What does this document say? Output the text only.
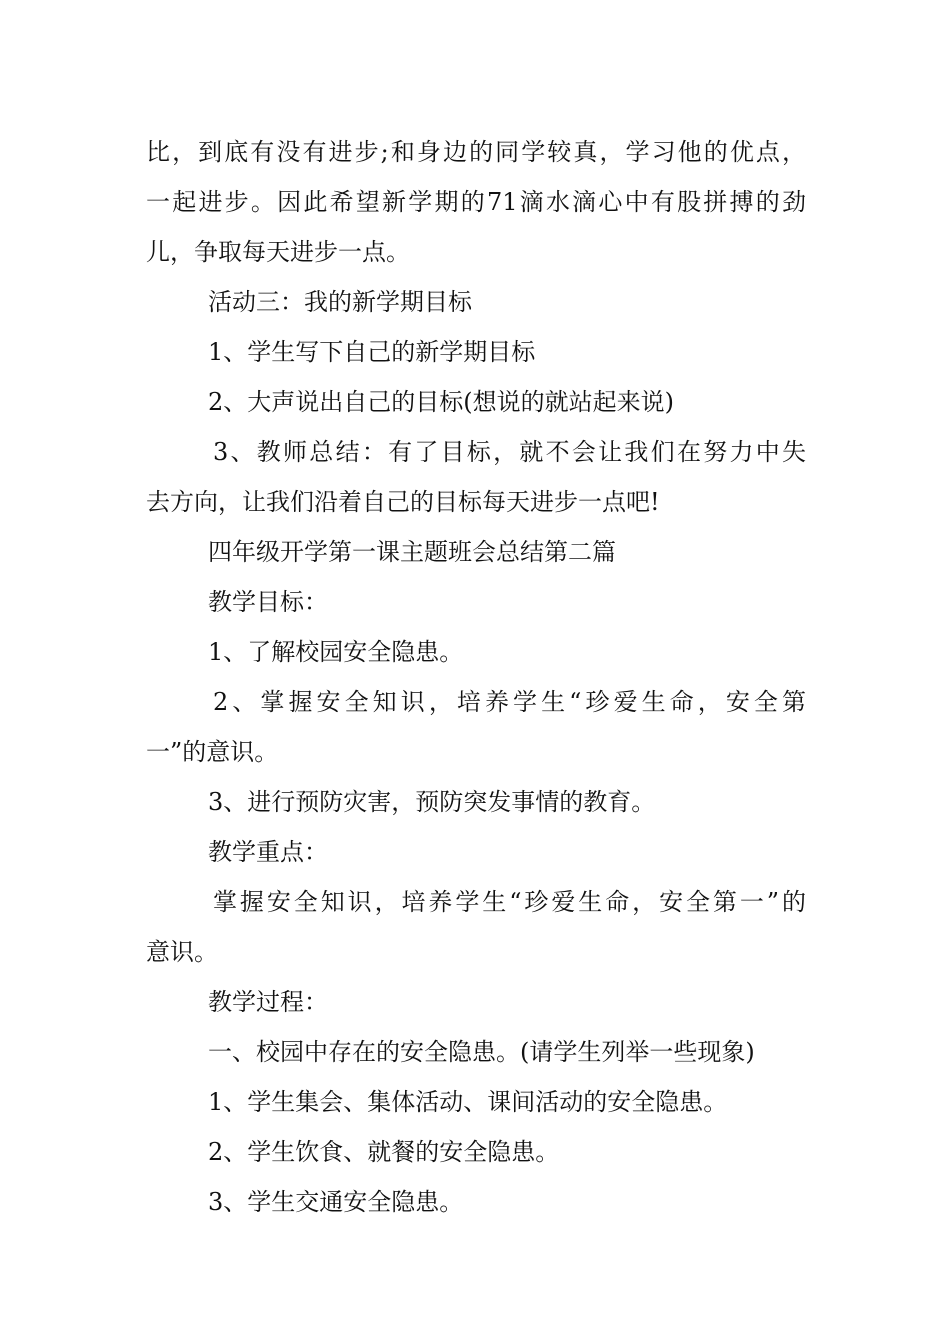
比，到底有没有进步;和身边的同学较真，学习他的优点，
一起进步。因此希望新学期的71滴水滴心中有股拼搏的劲
儿，争取每天进步一点。
活动三：我的新学期目标
1、学生写下自己的新学期目标
2、大声说出自己的目标(想说的就站起来说)
3、教师总结：有了目标，就不会让我们在努力中失
去方向，让我们沿着自己的目标每天进步一点吧!
四年级开学第一课主题班会总结第二篇
教学目标：
1、了解校园安全隐患。
2、掌握安全知识，培养学生“珍爱生命，安全第
一”的意识。
3、进行预防灾害，预防突发事情的教育。
教学重点：
掌握安全知识，培养学生“珍爱生命，安全第一”的
意识。
教学过程：
一、校园中存在的安全隐患。(请学生列举一些现象)
1、学生集会、集体活动、课间活动的安全隐患。
2、学生饮食、就餐的安全隐患。
3、学生交通安全隐患。
